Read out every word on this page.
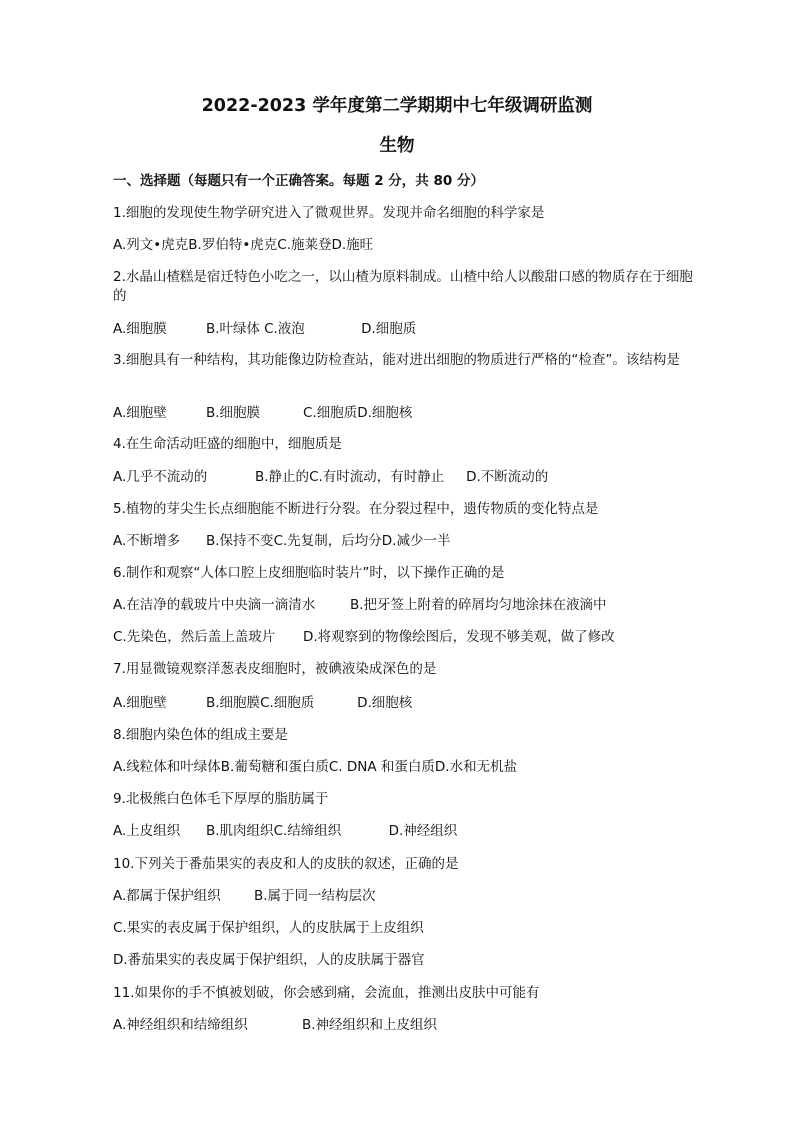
2022-2023 学年度第二学期期中七年级调研监测
生物
一、选择题（每题只有一个正确答案。每题 2 分，共 80 分）
1.细胞的发现使生物学研究进入了微观世界。发现并命名细胞的科学家是
A.列文•虎克B.罗伯特•虎克C.施莱登D.施旺
2.水晶山楂糕是宿迁特色小吃之一，以山楂为原料制成。山楂中给人以酸甜口感的物质存在于细胞的
A.细胞膜	B.叶绿体 C.液泡	D.细胞质
3.细胞具有一种结构，其功能像边防检查站，能对进出细胞的物质进行严格的“检查”。该结构是
A.细胞壁	B.细胞膜	C.细胞质D.细胞核
4.在生命活动旺盛的细胞中，细胞质是
A.几乎不流动的	B.静止的C.有时流动，有时静止 D.不断流动的
5.植物的芽尖生长点细胞能不断进行分裂。在分裂过程中，遗传物质的变化特点是
A.不断增多 B.保持不变C.先复制，后均分D.减少一半
6.制作和观察“人体口腔上皮细胞临时装片”时，以下操作正确的是
A.在洁净的载玻片中央滴一滴清水	B.把牙签上附着的碎屑均匀地涂抹在液滴中
C.先染色，然后盖上盖玻片 D.将观察到的物像绘图后，发现不够美观，做了修改
7.用显微镜观察洋葱表皮细胞时，被碘液染成深色的是
A.细胞壁	B.细胞膜C.细胞质	D.细胞核
8.细胞内染色体的组成主要是
A.线粒体和叶绿体B.葡萄糖和蛋白质C. DNA 和蛋白质D.水和无机盐
9.北极熊白色体毛下厚厚的脂肪属于
A.上皮组织 B.肌肉组织C.结缔组织	D.神经组织
10.下列关于番茄果实的表皮和人的皮肤的叙述，正确的是
A.都属于保护组织 B.属于同一结构层次
C.果实的表皮属于保护组织，人的皮肤属于上皮组织
D.番茄果实的表皮属于保护组织，人的皮肤属于器官
11.如果你的手不慎被划破，你会感到痛，会流血，推测出皮肤中可能有
A.神经组织和结缔组织	B.神经组织和上皮组织
